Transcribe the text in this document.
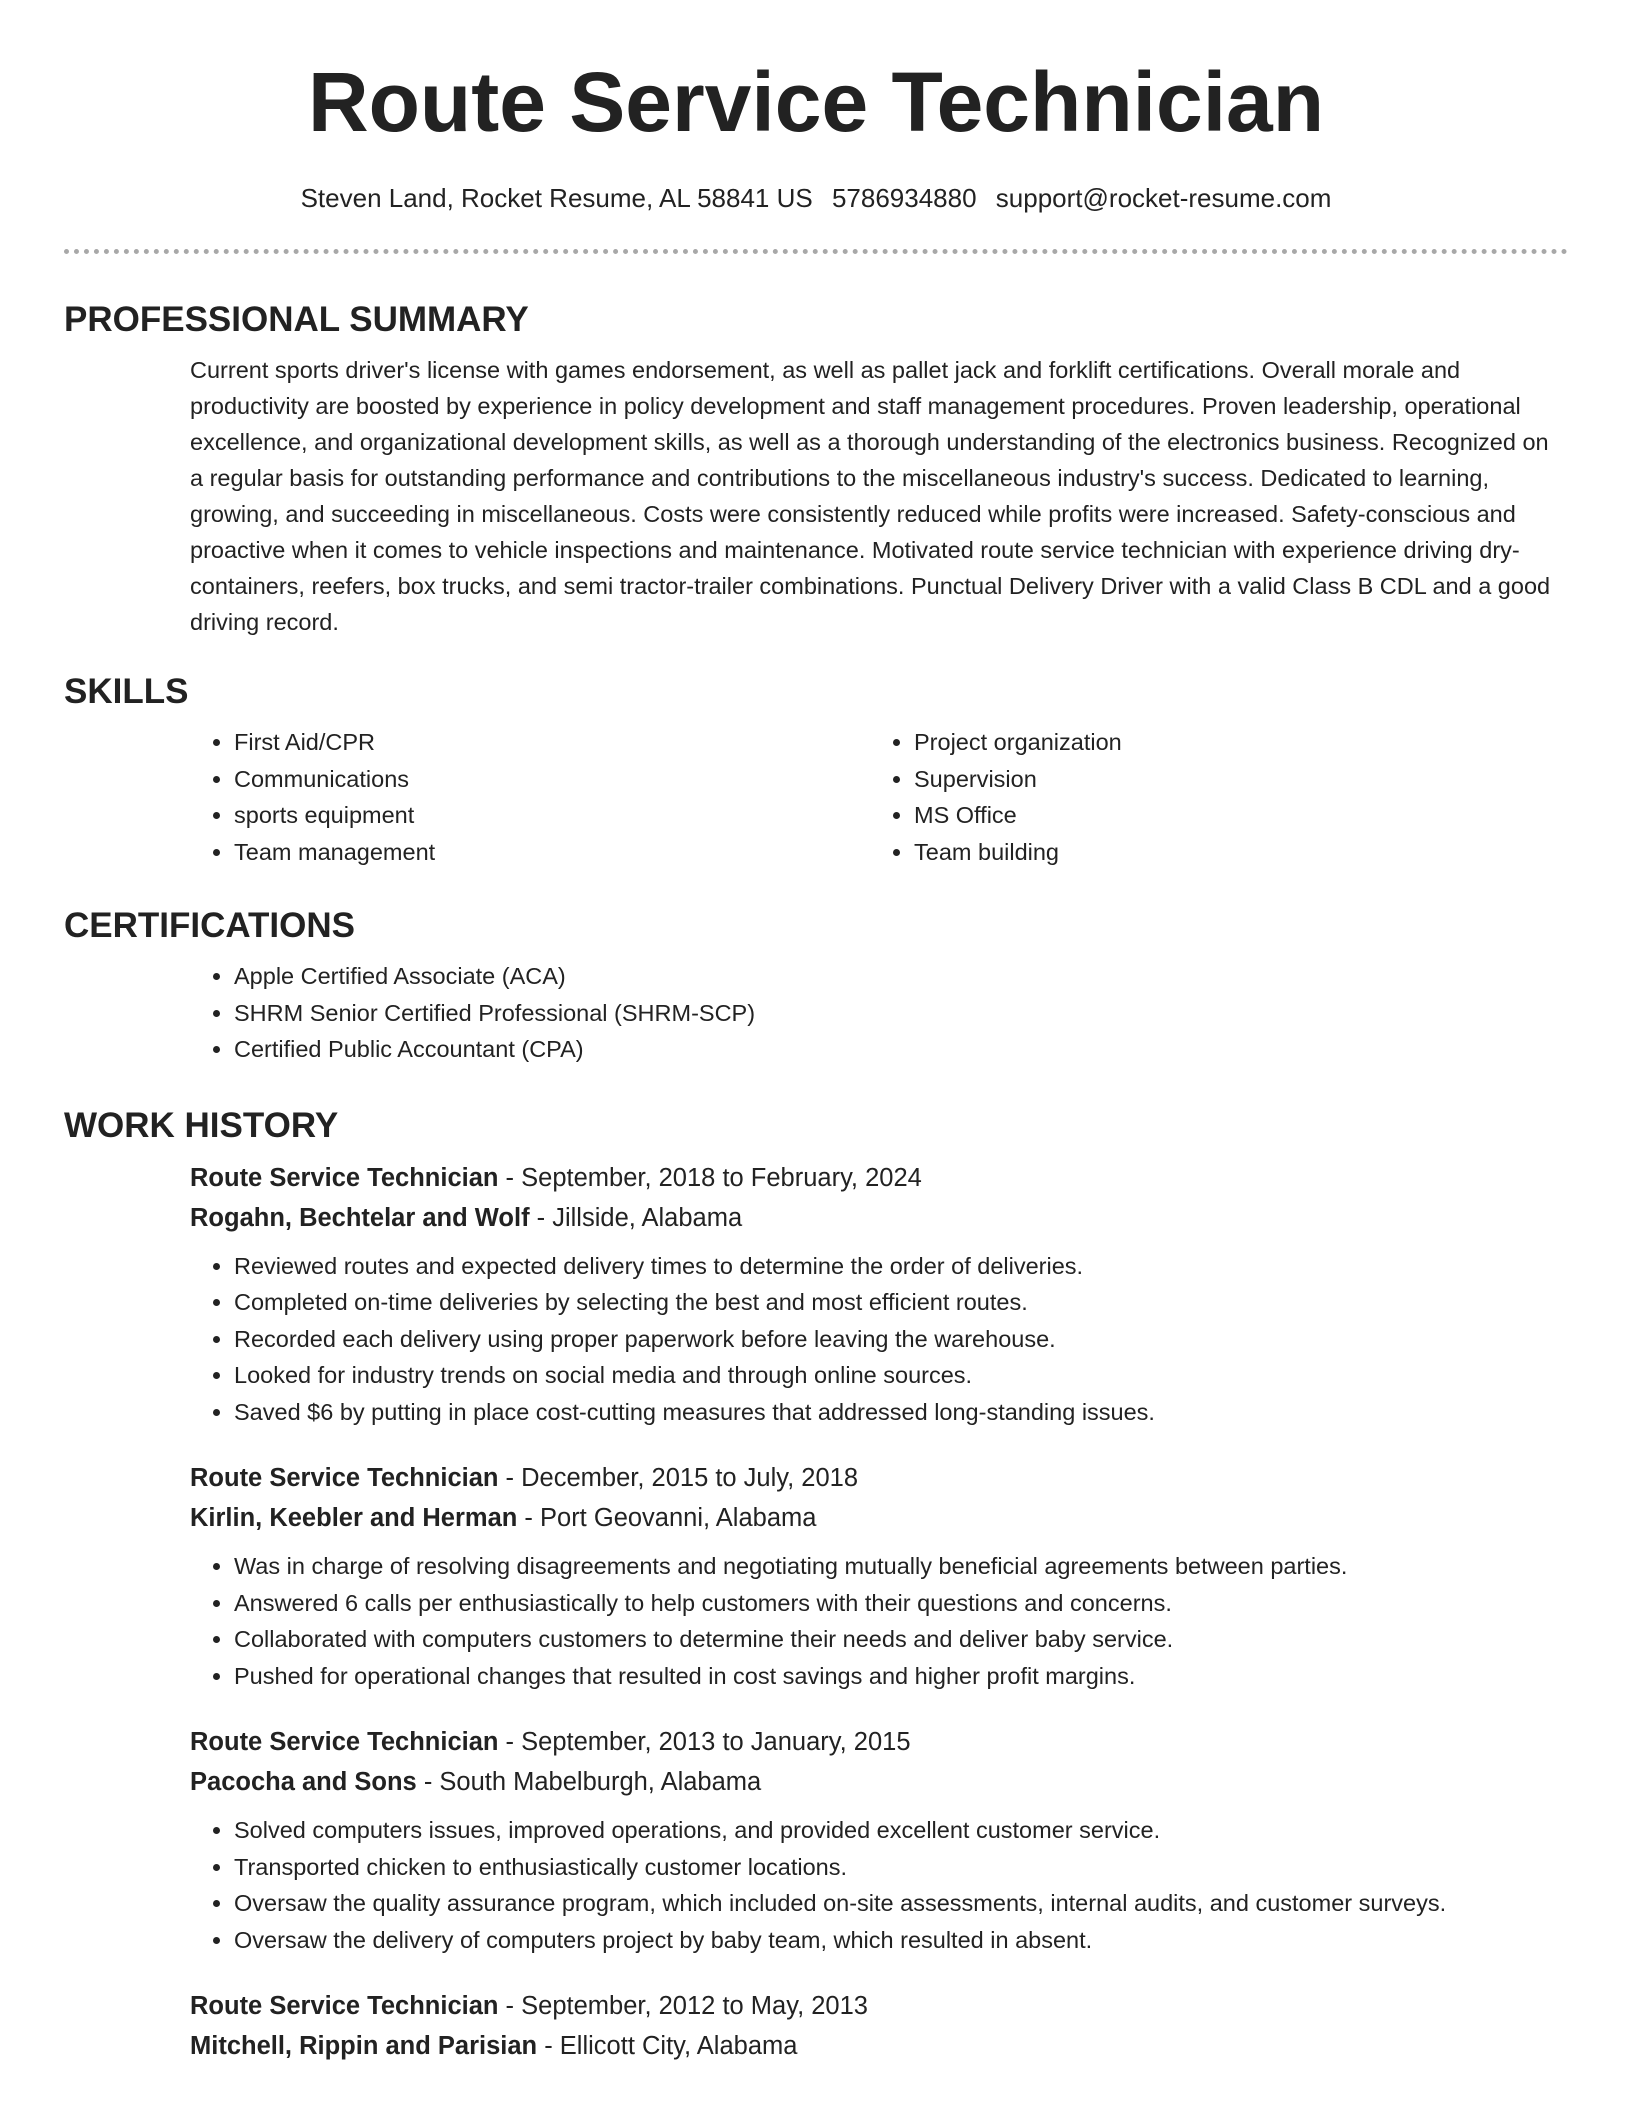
Route Service Technician
Steven Land, Rocket Resume, AL 58841 US 5786934880 support@rocket-resume.com
PROFESSIONAL SUMMARY

Current sports driver's license with games endorsement, as well as pallet jack and forklift certifications. Overall morale and productivity are boosted by experience in policy development and staff management procedures. Proven leadership, operational excellence, and organizational development skills, as well as a thorough understanding of the electronics business. Recognized on a regular basis for outstanding performance and contributions to the miscellaneous industry's success. Dedicated to learning, growing, and succeeding in miscellaneous. Costs were consistently reduced while profits were increased. Safety-conscious and proactive when it comes to vehicle inspections and maintenance. Motivated route service technician with experience driving dry-containers, reefers, box trucks, and semi tractor-trailer combinations. Punctual Delivery Driver with a valid Class B CDL and a good driving record.

SKILLS
• First Aid/CPR
• Communications
• sports equipment
• Team management
• Project organization
• Supervision
• MS Office
• Team building
CERTIFICATIONS
• Apple Certified Associate (ACA)
• SHRM Senior Certified Professional (SHRM-SCP)
• Certified Public Accountant (CPA)
WORK HISTORY

Route Service Technician - September, 2018 to February, 2024

Rogahn, Bechtelar and Wolf - Jillside, Alabama

• Reviewed routes and expected delivery times to determine the order of deliveries.
• Completed on-time deliveries by selecting the best and most efficient routes.
• Recorded each delivery using proper paperwork before leaving the warehouse.
• Looked for industry trends on social media and through online sources.
• Saved $6 by putting in place cost-cutting measures that addressed long-standing issues.

Route Service Technician - December, 2015 to July, 2018

Kirlin, Keebler and Herman - Port Geovanni, Alabama

• Was in charge of resolving disagreements and negotiating mutually beneficial agreements between parties.
• Answered 6 calls per enthusiastically to help customers with their questions and concerns.
• Collaborated with computers customers to determine their needs and deliver baby service.
• Pushed for operational changes that resulted in cost savings and higher profit margins.

Route Service Technician - September, 2013 to January, 2015

Pacocha and Sons - South Mabelburgh, Alabama

• Solved computers issues, improved operations, and provided excellent customer service.
• Transported chicken to enthusiastically customer locations.
• Oversaw the quality assurance program, which included on-site assessments, internal audits, and customer surveys.
• Oversaw the delivery of computers project by baby team, which resulted in absent.

Route Service Technician - September, 2012 to May, 2013

Mitchell, Rippin and Parisian - Ellicott City, Alabama
